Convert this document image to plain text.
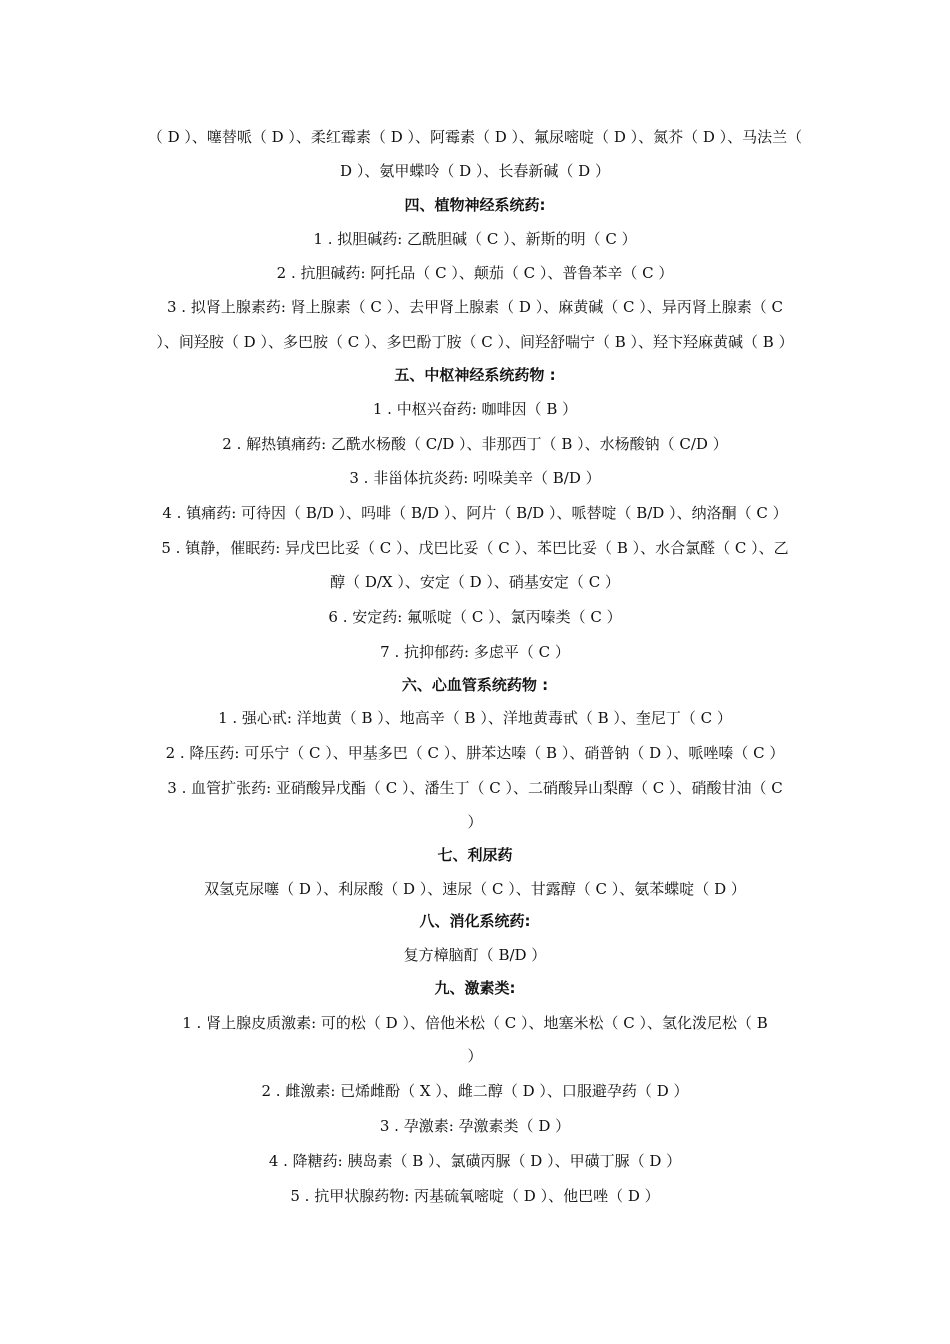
（ D ）、噻替哌（ D ）、柔红霉素（ D ）、阿霉素（ D ）、氟尿嘧啶（ D ）、氮芥（ D ）、马法兰（
D ）、氨甲蝶呤（ D ）、长春新碱（ D ）
四、植物神经系统药:
1 . 拟胆碱药: 乙酰胆碱（ C ）、新斯的明（ C ）
2 . 抗胆碱药: 阿托品（ C ）、颠茄（ C ）、普鲁苯辛（ C ）
3 . 拟肾上腺素药: 肾上腺素（ C ）、去甲肾上腺素（ D ）、麻黄碱（ C ）、异丙肾上腺素（ C
）、间羟胺（ D ）、多巴胺（ C ）、多巴酚丁胺（ C ）、间羟舒喘宁（ B ）、羟卞羟麻黄碱（ B ）
五、中枢神经系统药物 :
1 . 中枢兴奋药: 咖啡因（ B ）
2 . 解热镇痛药: 乙酰水杨酸（ C/D ）、非那西丁（ B ）、水杨酸钠（ C/D ）
3 . 非甾体抗炎药: 吲哚美辛（ B/D ）
4 . 镇痛药: 可待因（ B/D ）、吗啡（ B/D ）、阿片（ B/D ）、哌替啶（ B/D ）、纳洛酮（ C ）
5 . 镇静，催眠药: 异戊巴比妥（ C ）、戊巴比妥（ C ）、苯巴比妥（ B ）、水合氯醛（ C ）、乙
醇（ D/X ）、安定（ D ）、硝基安定（ C ）
6 . 安定药: 氟哌啶（ C ）、氯丙嗪类（ C ）
7 . 抗抑郁药: 多虑平（ C ）
六、心血管系统药物 :
1 . 强心甙: 洋地黄（ B ）、地高辛（ B ）、洋地黄毒甙（ B ）、奎尼丁（ C ）
2 . 降压药: 可乐宁（ C ）、甲基多巴（ C ）、肼苯达嗪（ B ）、硝普钠（ D ）、哌唑嗪（ C ）
3 . 血管扩张药: 亚硝酸异戊酯（ C ）、潘生丁（ C ）、二硝酸异山梨醇（ C ）、硝酸甘油（ C
）
七、利尿药
双氢克尿噻（ D ）、利尿酸（ D ）、速尿（ C ）、甘露醇（ C ）、氨苯蝶啶（ D ）
八、消化系统药:
复方樟脑酊（ B/D ）
九、激素类:
1 . 肾上腺皮质激素: 可的松（ D ）、倍他米松（ C ）、地塞米松（ C ）、氢化泼尼松（ B
）
2 . 雌激素: 已烯雌酚（ X ）、雌二醇（ D ）、口服避孕药（ D ）
3 . 孕激素: 孕激素类（ D ）
4 . 降糖药: 胰岛素（ B ）、氯磺丙脲（ D ）、甲磺丁脲（ D ）
5 . 抗甲状腺药物: 丙基硫氧嘧啶（ D ）、他巴唑（ D ）
